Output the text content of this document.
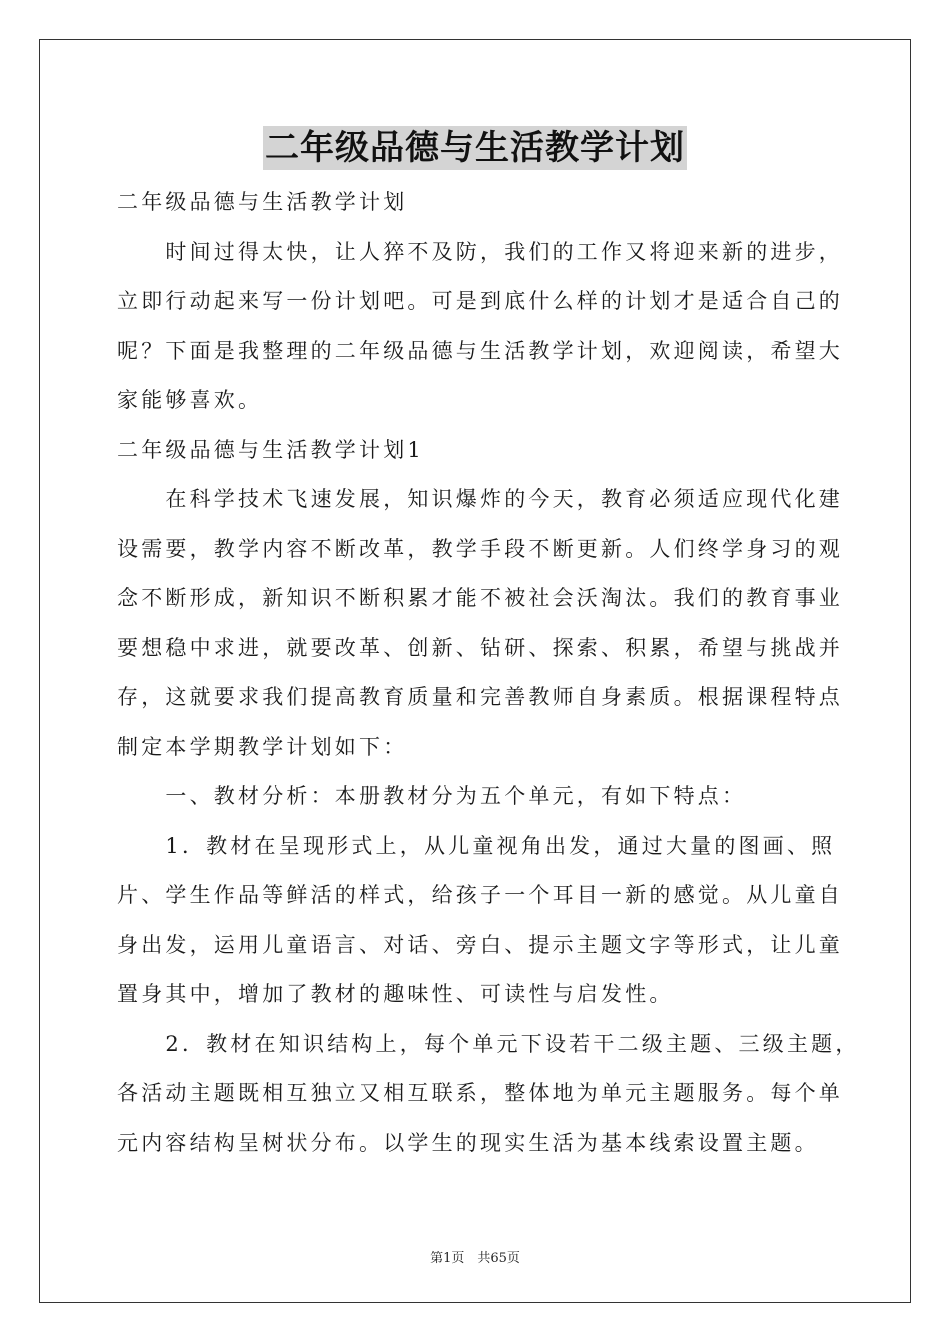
二年级品德与生活教学计划
二年级品德与生活教学计划
　　时间过得太快，让人猝不及防，我们的工作又将迎来新的进步，
立即行动起来写一份计划吧。可是到底什么样的计划才是适合自己的
呢？下面是我整理的二年级品德与生活教学计划，欢迎阅读，希望大
家能够喜欢。
二年级品德与生活教学计划1
　　在科学技术飞速发展，知识爆炸的今天，教育必须适应现代化建
设需要，教学内容不断改革，教学手段不断更新。人们终学身习的观
念不断形成，新知识不断积累才能不被社会沃淘汰。我们的教育事业
要想稳中求进，就要改革、创新、钻研、探索、积累，希望与挑战并
存，这就要求我们提高教育质量和完善教师自身素质。根据课程特点
制定本学期教学计划如下：
　　一、教材分析：本册教材分为五个单元，有如下特点：
　　1．教材在呈现形式上，从儿童视角出发，通过大量的图画、照
片、学生作品等鲜活的样式，给孩子一个耳目一新的感觉。从儿童自
身出发，运用儿童语言、对话、旁白、提示主题文字等形式，让儿童
置身其中，增加了教材的趣味性、可读性与启发性。
　　2．教材在知识结构上，每个单元下设若干二级主题、三级主题，
各活动主题既相互独立又相互联系，整体地为单元主题服务。每个单
元内容结构呈树状分布。以学生的现实生活为基本线索设置主题。
第1页　共65页
